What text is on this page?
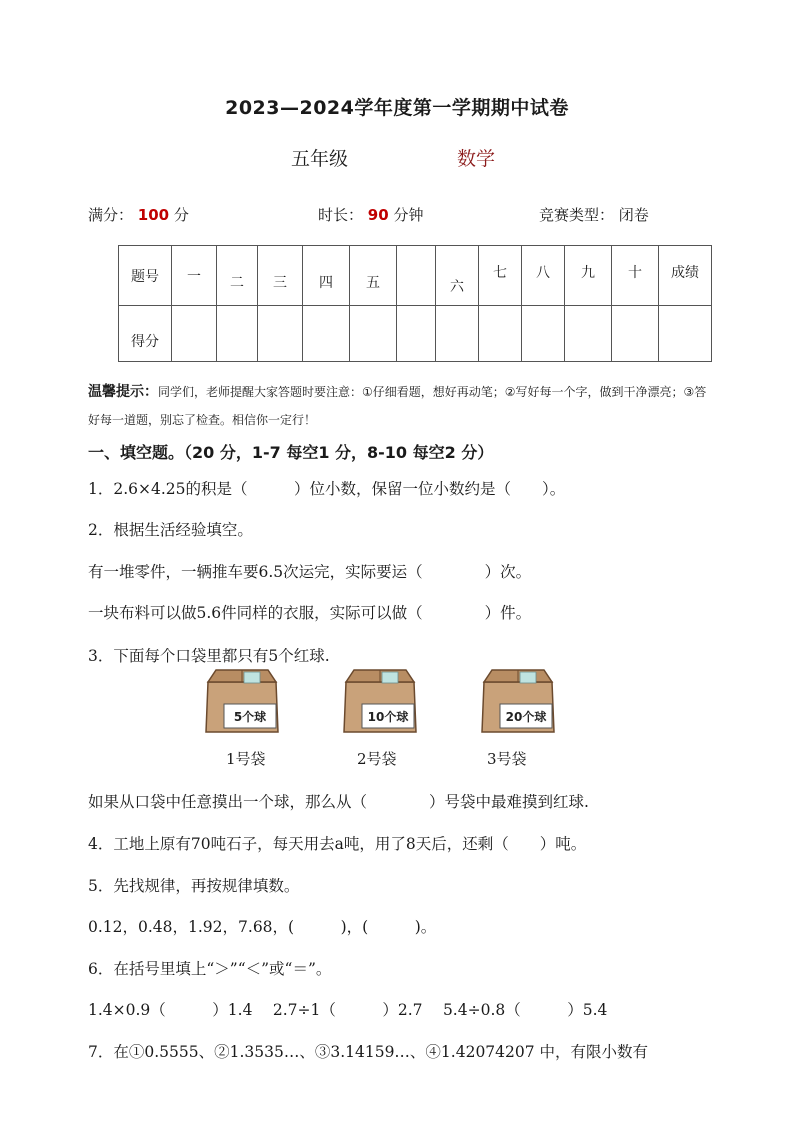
2023—2024学年度第一学期期中试卷
五年级	数学
满分： 100 分	时长： 90 分钟	竞赛类型： 闭卷
题号	一	二	三	四	五		六	七	八	九	十	成绩
得分												
温馨提示：同学们，老师提醒大家答题时要注意：①仔细看题，想好再动笔；②写好每一个字，做到干净漂亮；③答好每一道题，别忘了检查。相信你一定行！
一、填空题。（20 分，1-7 每空1 分，8-10 每空2 分）
1．2.6×4.25的积是（　　　）位小数，保留一位小数约是（　　）。
2．根据生活经验填空。
有一堆零件，一辆推车要6.5次运完，实际要运（　　　　）次。
一块布料可以做5.6件同样的衣服，实际可以做（　　　　）件。
3．下面每个口袋里都只有5个红球.
5个球	10个球	20个球
1号袋	2号袋	3号袋
如果从口袋中任意摸出一个球，那么从（　　　　）号袋中最难摸到红球.
4．工地上原有70吨石子，每天用去a吨，用了8天后，还剩（　　）吨。
5．先找规律，再按规律填数。
0.12，0.48，1.92，7.68，(　　　)，(　　　)。
6．在括号里填上“＞”“＜”或“＝”。
1.4×0.9（　　　）1.4　 2.7÷1（　　　）2.7　 5.4÷0.8（　　　）5.4
7．在①0.5555、②1.3535…、③3.14159…、④1.42074207 中，有限小数有
